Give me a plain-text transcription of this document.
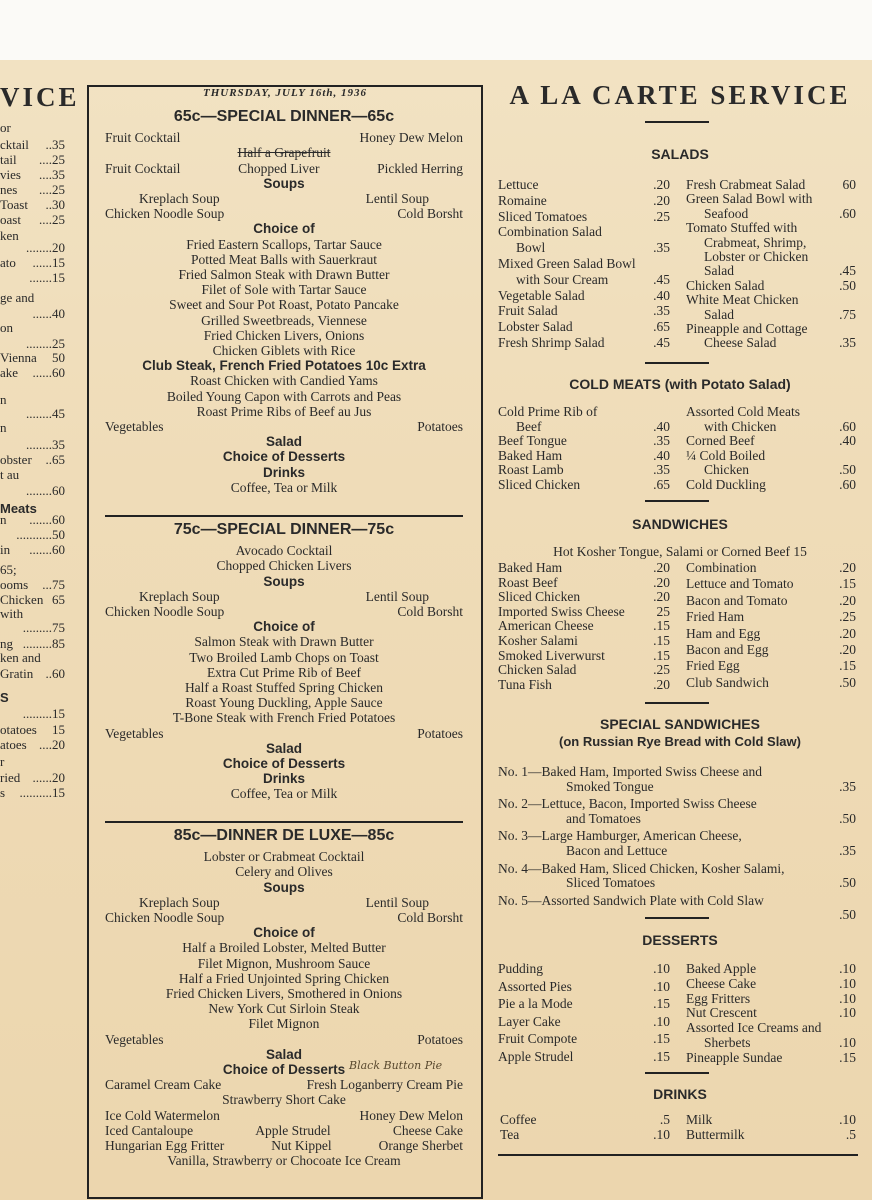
VICE
or
cktail ..35
tail ....25
vies ....35
nes ....25
Toast ..30
oast ....25
ken
........20
ato ......15
.......15
ge and
......40
on
........25
Vienna 50
ake ......60
n
........45
n
........35
obster ..65
t au
........60
Meats
n .......60
...........50
in .......60
65;
ooms ...75
Chicken 65
with
.........75
ng .........85
ken and
Gratin ..60
S
.........15
otatoes 15
atoes ....20
r
ried ......20
s ..........15
THURSDAY, JULY 16th, 1936
65c—SPECIAL DINNER—65c
Fruit Cocktail	Honey Dew Melon
Half a Grapefruit
Fruit Cocktail	Chopped Liver	Pickled Herring
Soups
Kreplach Soup	Lentil Soup
Chicken Noodle Soup	Cold Borsht
Choice of
Fried Eastern Scallops, Tartar Sauce
Potted Meat Balls with Sauerkraut
Fried Salmon Steak with Drawn Butter
Filet of Sole with Tartar Sauce
Sweet and Sour Pot Roast, Potato Pancake
Grilled Sweetbreads, Viennese
Fried Chicken Livers, Onions
Chicken Giblets with Rice
Club Steak, French Fried Potatoes 10c Extra
Roast Chicken with Candied Yams
Boiled Young Capon with Carrots and Peas
Roast Prime Ribs of Beef au Jus
Vegetables	Potatoes
Salad
Choice of Desserts
Drinks
Coffee, Tea or Milk
75c—SPECIAL DINNER—75c
Avocado Cocktail
Chopped Chicken Livers
Soups
Kreplach Soup	Lentil Soup
Chicken Noodle Soup	Cold Borsht
Choice of
Salmon Steak with Drawn Butter
Two Broiled Lamb Chops on Toast
Extra Cut Prime Rib of Beef
Half a Roast Stuffed Spring Chicken
Roast Young Duckling, Apple Sauce
T-Bone Steak with French Fried Potatoes
Vegetables	Potatoes
Salad
Choice of Desserts
Drinks
Coffee, Tea or Milk
85c—DINNER DE LUXE—85c
Lobster or Crabmeat Cocktail
Celery and Olives
Soups
Kreplach Soup	Lentil Soup
Chicken Noodle Soup	Cold Borsht
Choice of
Half a Broiled Lobster, Melted Butter
Filet Mignon, Mushroom Sauce
Half a Fried Unjointed Spring Chicken
Fried Chicken Livers, Smothered in Onions
New York Cut Sirloin Steak
Filet Mignon
Vegetables	Potatoes
Salad
Choice of Desserts Black Button Pie
Caramel Cream Cake	Fresh Loganberry Cream Pie
Strawberry Short Cake
Ice Cold Watermelon	Honey Dew Melon
Iced Cantaloupe	Apple Strudel	Cheese Cake
Hungarian Egg Fritter	Nut Kippel	Orange Sherbet
Vanilla, Strawberry or Chocoate Ice Cream
A LA CARTE SERVICE
SALADS
Lettuce	.20
Romaine	.20
Sliced Tomatoes	.25
Combination Salad
Bowl	.35
Mixed Green Salad Bowl
with Sour Cream	.45
Vegetable Salad	.40
Fruit Salad	.35
Lobster Salad	.65
Fresh Shrimp Salad	.45
Fresh Crabmeat Salad	60
Green Salad Bowl with
Seafood	.60
Tomato Stuffed with
Crabmeat, Shrimp,
Lobster or Chicken
Salad	.45
Chicken Salad	.50
White Meat Chicken
Salad	.75
Pineapple and Cottage
Cheese Salad	.35
COLD MEATS (with Potato Salad)
Cold Prime Rib of
Beef	.40
Beef Tongue	.35
Baked Ham	.40
Roast Lamb	.35
Sliced Chicken	.65
Assorted Cold Meats
with Chicken	.60
Corned Beef	.40
¼ Cold Boiled
Chicken	.50
Cold Duckling	.60
SANDWICHES
Hot Kosher Tongue, Salami or Corned Beef 15
Baked Ham	.20
Roast Beef	.20
Sliced Chicken	.20
Imported Swiss Cheese 25
American Cheese	.15
Kosher Salami	.15
Smoked Liverwurst	.15
Chicken Salad	.25
Tuna Fish	.20
Combination	.20
Lettuce and Tomato	.15
Bacon and Tomato	.20
Fried Ham	.25
Ham and Egg	.20
Bacon and Egg	.20
Fried Egg	.15
Club Sandwich	.50
SPECIAL SANDWICHES
(on Russian Rye Bread with Cold Slaw)
No. 1—Baked Ham, Imported Swiss Cheese and
Smoked Tongue	.35
No. 2—Lettuce, Bacon, Imported Swiss Cheese
and Tomatoes	.50
No. 3—Large Hamburger, American Cheese,
Bacon and Lettuce	.35
No. 4—Baked Ham, Sliced Chicken, Kosher Salami,
Sliced Tomatoes	.50
No. 5—Assorted Sandwich Plate with Cold Slaw
.50
DESSERTS
Pudding	.10
Assorted Pies	.10
Pie a la Mode	.15
Layer Cake	.10
Fruit Compote	.15
Apple Strudel	.15
Baked Apple	.10
Cheese Cake	.10
Egg Fritters	.10
Nut Crescent	.10
Assorted Ice Creams and
Sherbets	.10
Pineapple Sundae	.15
DRINKS
Coffee	.5
Tea	.10
Milk	.10
Buttermilk	.5
